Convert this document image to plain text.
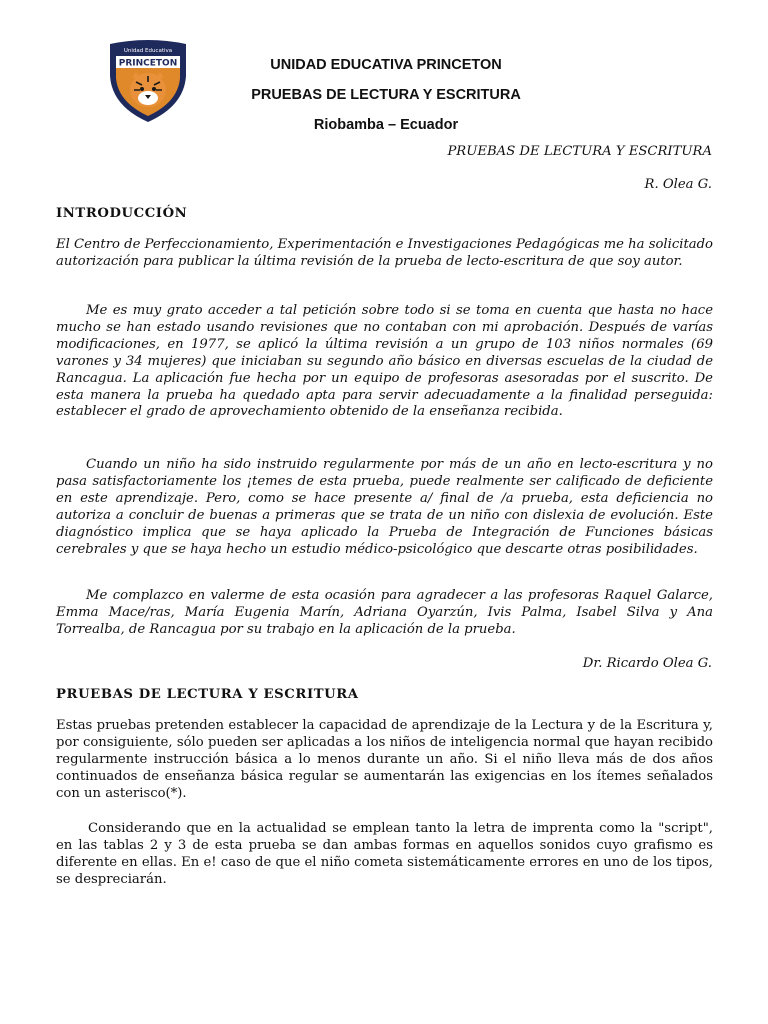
Unidad Educativa
PRINCETON	UNIDAD EDUCATIVA PRINCETON

PRUEBAS DE LECTURA Y ESCRITURA

Riobamba – Ecuador

PRUEBAS DE LECTURA Y ESCRITURA

R. Olea G.

INTRODUCCIÓN

El Centro de Perfeccionamiento, Experimentación e Investigaciones Pedagógicas me ha solicitado autorización para publicar la última revisión de la prueba de lecto-escritura de que soy autor.

Me es muy grato acceder a tal petición sobre todo si se toma en cuenta que hasta no hace mucho se han estado usando revisiones que no contaban con mi aprobación. Después de varías modificaciones, en 1977, se aplicó la última revisión a un grupo de 103 niños normales (69 varones y 34 mujeres) que iniciaban su segundo año básico en diversas escuelas de la ciudad de Rancagua. La aplicación fue hecha por un equipo de profesoras asesoradas por el suscrito. De esta manera la prueba ha quedado apta para servir adecuadamente a la finalidad perseguida: establecer el grado de aprovechamiento obtenido de la enseñanza recibida.

Cuando un niño ha sido instruido regularmente por más de un año en lecto-escritura y no pasa satisfactoriamente los ¡temes de esta prueba, puede realmente ser calificado de deficiente en este aprendizaje. Pero, como se hace presente a/ final de /a prueba, esta deficiencia no autoriza a concluir de buenas a primeras que se trata de un niño con dislexia de evolución. Este diagnóstico implica que se haya aplicado la Prueba de Integración de Funciones básicas cerebrales y que se haya hecho un estudio médico-psicológico que descarte otras posibilidades.

Me complazco en valerme de esta ocasión para agradecer a las profesoras Raquel Galarce, Emma Mace/ras, María Eugenia Marín, Adriana Oyarzún, Ivis Palma, Isabel Silva y Ana Torrealba, de Rancagua por su trabajo en la aplicación de la prueba.

Dr. Ricardo Olea G.

PRUEBAS DE LECTURA Y ESCRITURA

Estas pruebas pretenden establecer la capacidad de aprendizaje de la Lectura y de la Escritura y, por consiguiente, sólo pueden ser aplicadas a los niños de inteligencia normal que hayan recibido regularmente instrucción básica a lo menos durante un año. Si el niño lleva más de dos años continuados de enseñanza básica regular se aumentarán las exigencias en los ítemes señalados con un asterisco(*).

Considerando que en la actualidad se emplean tanto la letra de imprenta como la "script", en las tablas 2 y 3 de esta prueba se dan ambas formas en aquellos sonidos cuyo grafismo es diferente en ellas. En e! caso de que el niño cometa sistemáticamente errores en uno de los tipos, se despreciarán.
